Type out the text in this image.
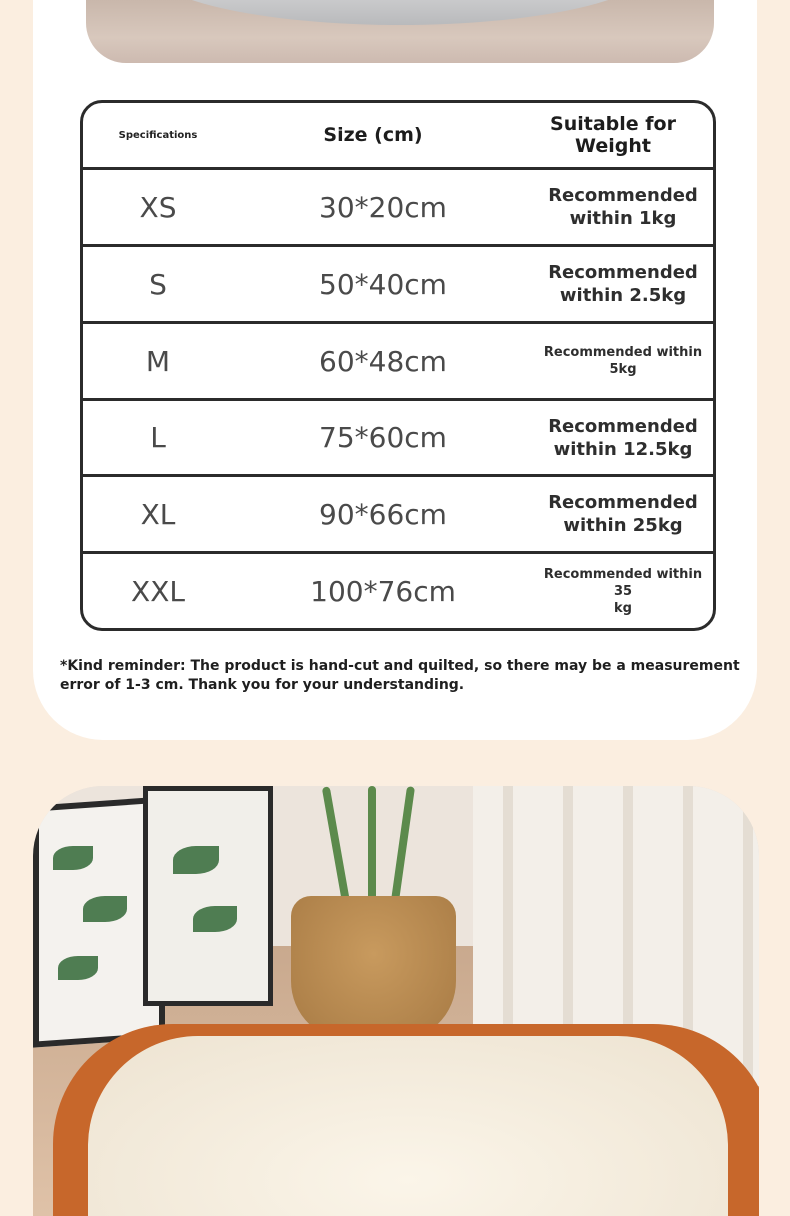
Specifications	Size (cm)	Suitable for Weight
XS	30*20cm	Recommended
within 1kg
S	50*40cm	Recommended
within 2.5kg
M	60*48cm	Recommended within 5kg
L	75*60cm	Recommended
within 12.5kg
XL	90*66cm	Recommended
within 25kg
XXL	100*76cm
Recommended within 35
kg
*Kind reminder: The product is hand-cut and quilted, so there may be a measurement error of 1-3 cm. Thank you for your understanding.
